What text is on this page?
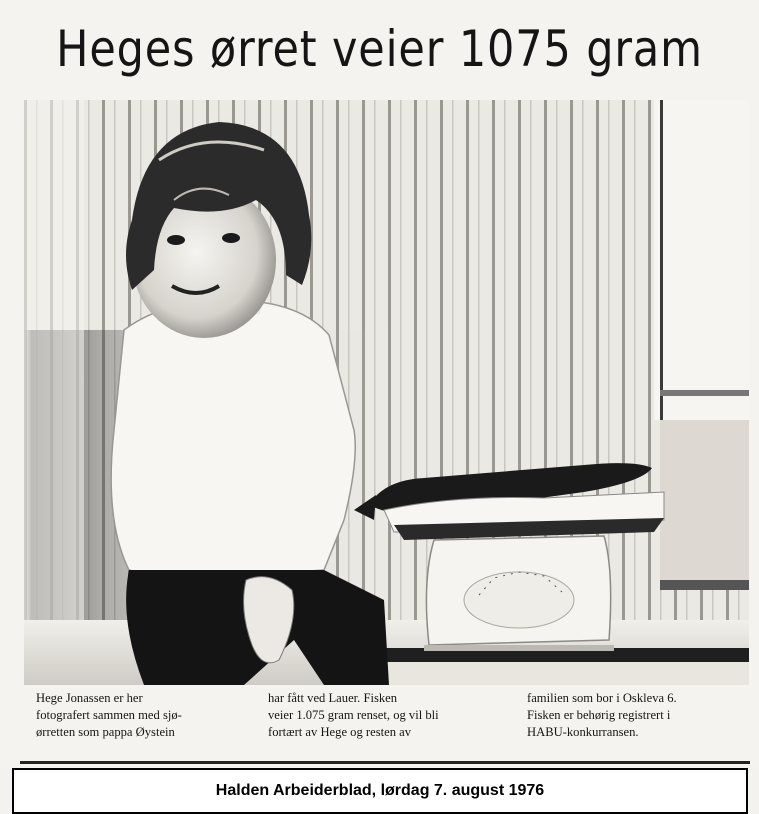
Heges ørret veier 1075 gram
Hege Jonassen er her
fotografert sammen med sjø-
ørretten som pappa Øystein
har fått ved Lauer. Fisken
veier 1.075 gram renset, og vil bli
fortært av Hege og resten av
familien som bor i Oskleva 6.
Fisken er behørig registrert i
HABU-konkurransen.
Halden Arbeiderblad, lørdag 7. august 1976
